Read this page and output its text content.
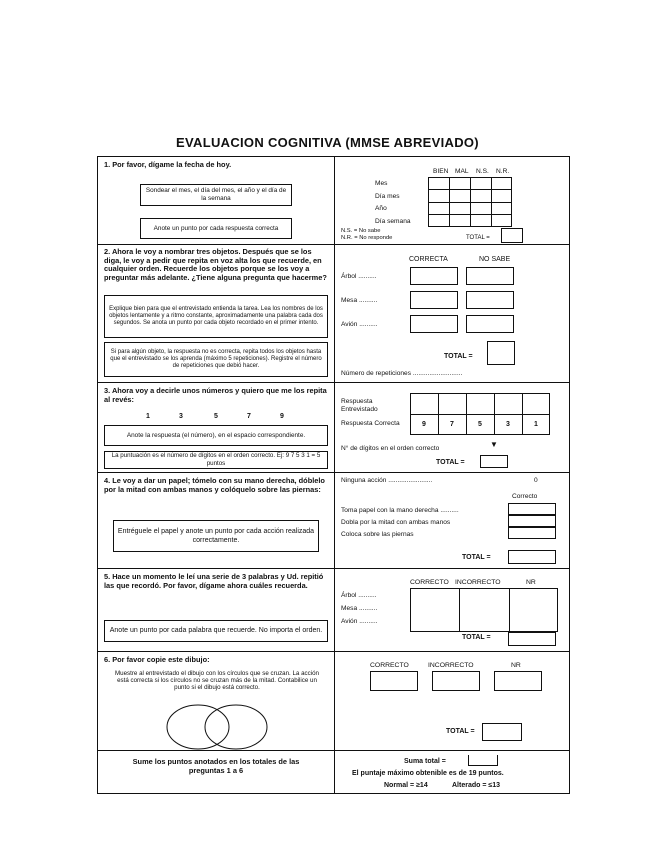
EVALUACION COGNITIVA (MMSE ABREVIADO)
1. Por favor, dígame la fecha de hoy.
Sondear el mes, el día del mes, el año y el día de la semana
Anote un punto por cada respuesta correcta
BIEN MAL N.S. N.R.
Mes
Día mes
Año
Día semana
N.S. = No sabe
N.R. = No responde	TOTAL =
2. Ahora le voy a nombrar tres objetos. Después que se los diga, le voy a pedir que repita en voz alta los que recuerde, en cualquier orden. Recuerde los objetos porque se los voy a preguntar más adelante. ¿Tiene alguna pregunta que hacerme?
Explique bien para que el entrevistado entienda la tarea. Lea los nombres de los objetos lentamente y a ritmo constante, aproximadamente una palabra cada dos segundos. Se anota un punto por cada objeto recordado en el primer intento.
Si para algún objeto, la respuesta no es correcta, repita todos los objetos hasta que el entrevistado se los aprenda (máximo 5 repeticiones). Registre el número de repeticiones que debió hacer.
CORRECTA	NO SABE
Árbol ..........
Mesa ..........
Avión ..........
TOTAL =
Número de repeticiones ...........................
3. Ahora voy a decirle unos números y quiero que me los repita al revés:
1	3	5	7	9
Anote la respuesta (el número), en el espacio correspondiente.
La puntuación es el número de dígitos en el orden correcto. Ej: 9 7 5 3 1 = 5 puntos
Respuesta Entrevistado
Respuesta Correcta	9	7	5	3	1
N° de dígitos en el orden correcto	▼
TOTAL =
4. Le voy a dar un papel; tómelo con su mano derecha, dóblelo por la mitad con ambas manos y colóquelo sobre las piernas:
Entréguele el papel y anote un punto por cada acción realizada correctamente.
Ninguna acción ........................	0
Correcto
Toma papel con la mano derecha ..........
Dobla por la mitad con ambas manos
Coloca sobre las piernas
TOTAL =
5. Hace un momento le leí una serie de 3 palabras y Ud. repitió las que recordó. Por favor, dígame ahora cuáles recuerda.
Anote un punto por cada palabra que recuerde. No importa el orden.
CORRECTO INCORRECTO	NR
Árbol ..........
Mesa ..........
Avión ..........
TOTAL =
6. Por favor copie este dibujo:
Muestre al entrevistado el dibujo con los círculos que se cruzan. La acción está correcta si los círculos no se cruzan más de la mitad. Contabilice un punto si el dibujo está correcto.
Sume los puntos anotados en los totales de las preguntas 1 a 6
CORRECTO	INCORRECTO	NR
TOTAL =
Suma total =
El puntaje máximo obtenible es de 19 puntos.
Normal = ≥14	Alterado = ≤13
